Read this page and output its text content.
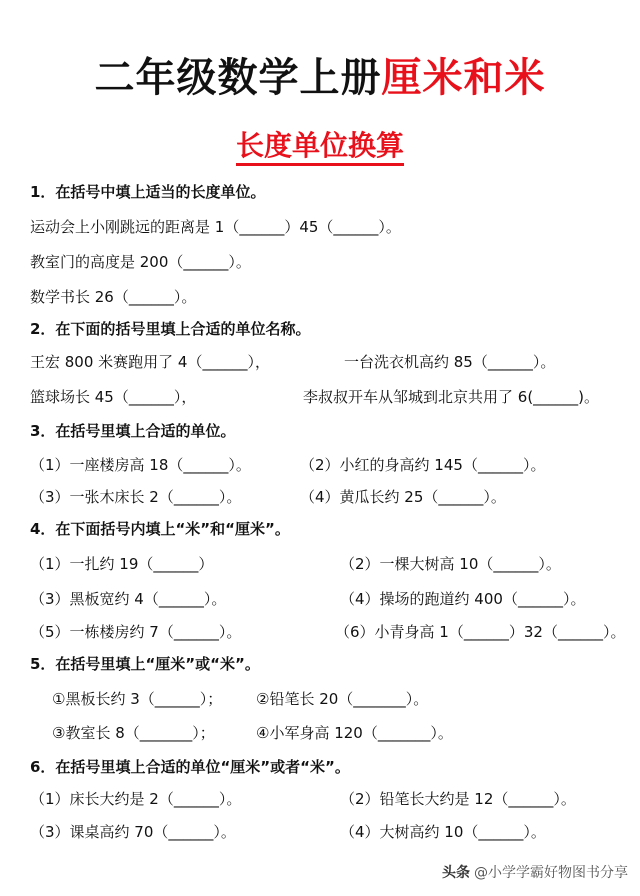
二年级数学上册厘米和米
长度单位换算
1．在括号中填上适当的长度单位。
运动会上小刚跳远的距离是 1（______）45（______）。
教室门的高度是 200（______）。
数学书长 26（______）。
2．在下面的括号里填上合适的单位名称。
王宏 800 米赛跑用了 4（______），	一台洗衣机高约 85（______）。
篮球场长 45（______），	李叔叔开车从邹城到北京共用了 6(______)。
3．在括号里填上合适的单位。
（1）一座楼房高 18（______）。	（2）小红的身高约 145（______）。
（3）一张木床长 2（______）。	（4）黄瓜长约 25（______）。
4．在下面括号内填上“米”和“厘米”。
（1）一扎约 19（______）	（2）一棵大树高 10（______）。
（3）黑板宽约 4（______）。	（4）操场的跑道约 400（______）。
（5）一栋楼房约 7（______）。	（6）小青身高 1（______）32（______）。
5．在括号里填上“厘米”或“米”。
①黑板长约 3（______）； ②铅笔长 20（_______）。
③教室长 8（_______）；	④小军身高 120（_______）。
6．在括号里填上合适的单位“厘米”或者“米”。
（1）床长大约是 2（______）。	（2）铅笔长大约是 12（______）。
（3）课桌高约 70（______）。	（4）大树高约 10（______）。
头条 @小学学霸好物图书分享
